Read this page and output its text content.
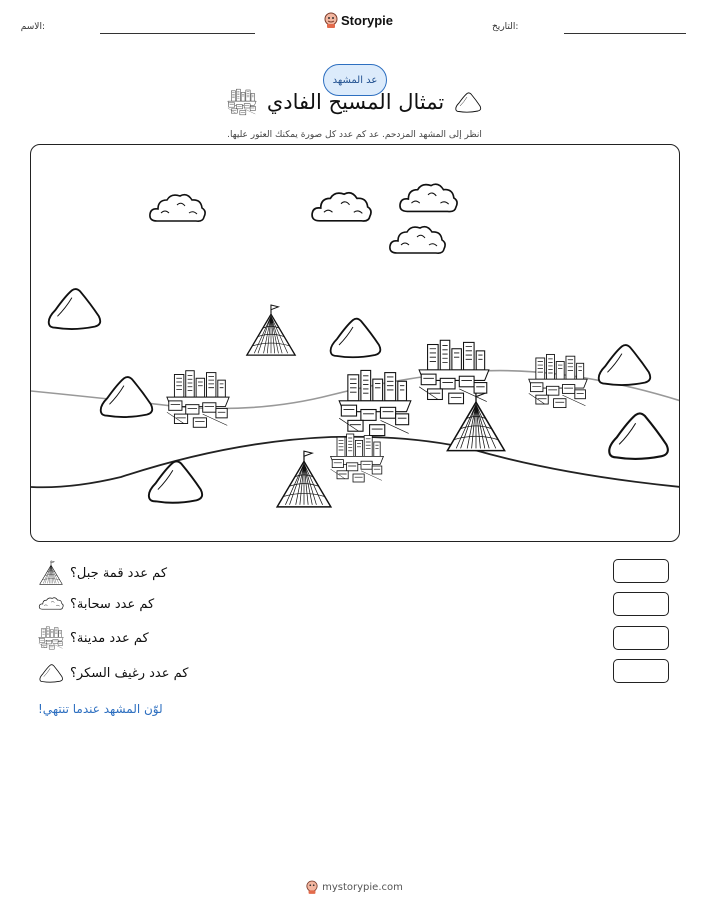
الاسم:	Storypie	التاريخ:
عد المشهد
تمثال المسيح الفادي
انظر إلى المشهد المزدحم. عد كم عدد كل صورة يمكنك العثور عليها.
كم عدد قمة جبل؟
كم عدد سحابة؟
كم عدد مدينة؟
كم عدد رغيف السكر؟
لوّن المشهد عندما تنتهي!
mystorypie.com
